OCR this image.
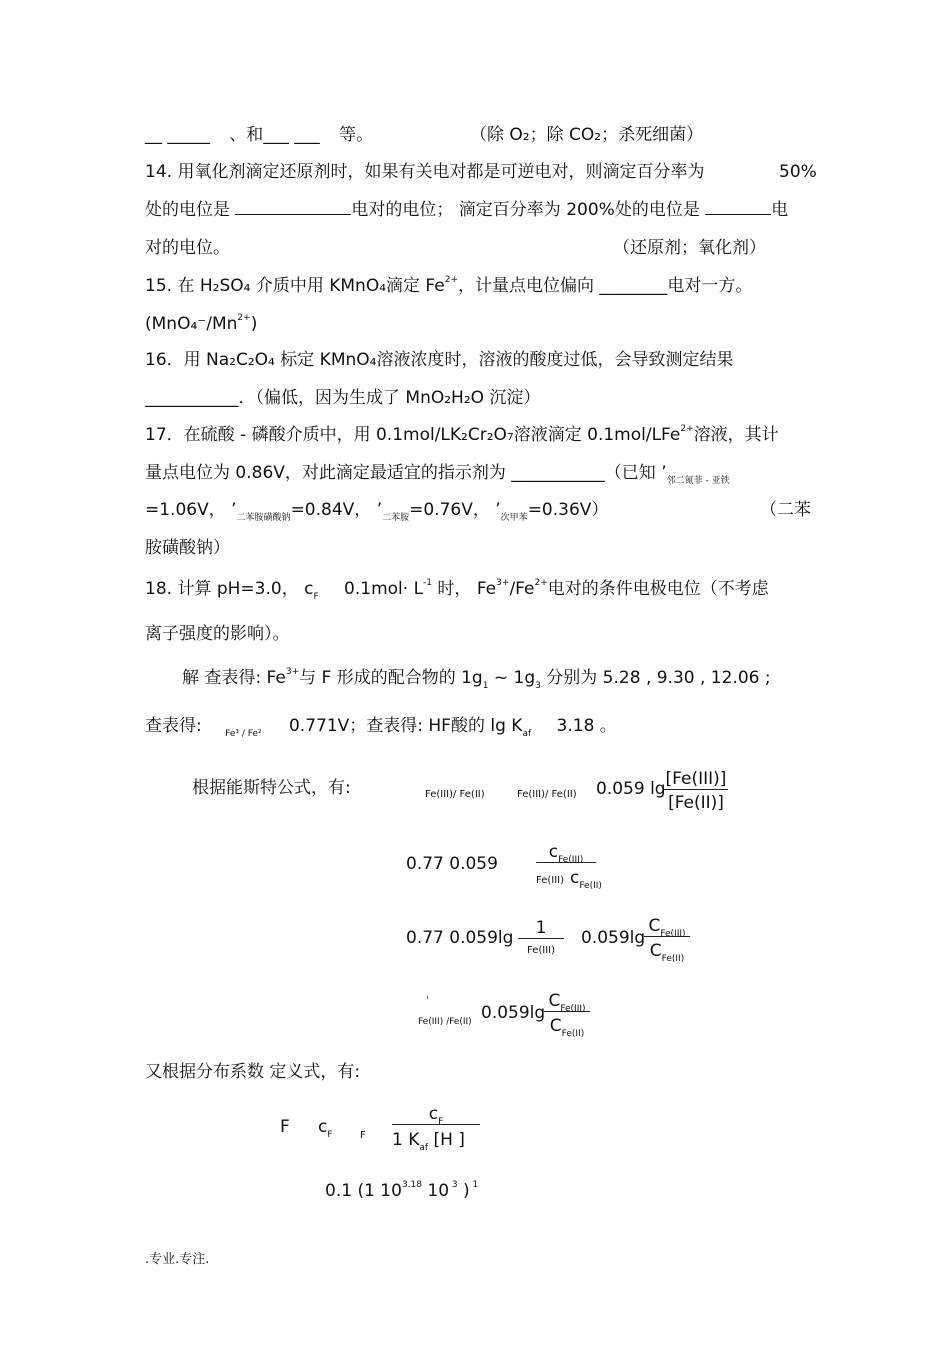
__ _____ 、和___ ___ 等。	（除 O₂；除 CO₂；杀死细菌）
14. 用氧化剂滴定还原剂时，如果有关电对都是可逆电对，则滴定百分率为	50%
处的电位是	电对的电位； 滴定百分率为 200%处的电位是	电
对的电位。	（还原剂；氧化剂）
15. 在 H₂SO₄ 介质中用 KMnO₄滴定 $Fe^{2+}$，计量点电位偏向 ________电对一方。
$(MnO_4^-/Mn^{2+})$
16．用 Na₂C₂O₄ 标定 KMnO₄溶液浓度时，溶液的酸度过低，会导致测定结果
___________．（偏低，因为生成了 MnO₂H₂O 沉淀）
17．在硫酸 - 磷酸介质中，用 0.1mol/LK₂Cr₂O₇溶液滴定 0.1mol/LFe$^{2+}$溶液，其计
量点电位为 0.86V，对此滴定最适宜的指示剂为 ___________（已知 $’_{邻二氮菲 - 亚铁}$
=1.06V， $’_{二苯胺磺酸钠}=0.84V$， $’_{二苯胺}=0.76V$， $’_{次甲苯}=0.36V$）	（二苯
胺磺酸钠）
18. 计算 pH=3.0， $c_F$ $0.1mol\cdot L^{-1}$ 时， $Fe^{3+}/Fe^{2+}$电对的条件电极电位（不考虑
离子强度的影响）。
解 查表得: $Fe^{3+}$与 F 形成的配合物的 $1g_1$ ~ $1g_3$ 分别为 5.28 , 9.30 , 12.06 ;
查表得:	$_{Fe^3 / Fe^2}$ 0.771V；查表得: HF酸的 $\lg K_{af}$ 3.18 。
根据能斯特公式，有:	Fe(III)/ Fe(II)	Fe(III)/ Fe(II) 0.059 lg [Fe(III)]
[Fe(II)]
0.77 0.059
$c_{Fe(III)}$
Fe(III) $c_{Fe(II)}$
0.77 0.059lg	1
Fe(III)
0.059lg
$C_{Fe(III)}$
$C_{Fe(II)}$
'
Fe(III) /Fe(II) 0.059lg
$C_{Fe(III)}$
$C_{Fe(II)}$
又根据分布系数 定义式，有:
F $c_F$	F
$c_F$
1 $K_{af}$ [H ]
0.1 (1 $10^{3.18}$ 10 $^3$ ) $^1$
.专业.专注.
